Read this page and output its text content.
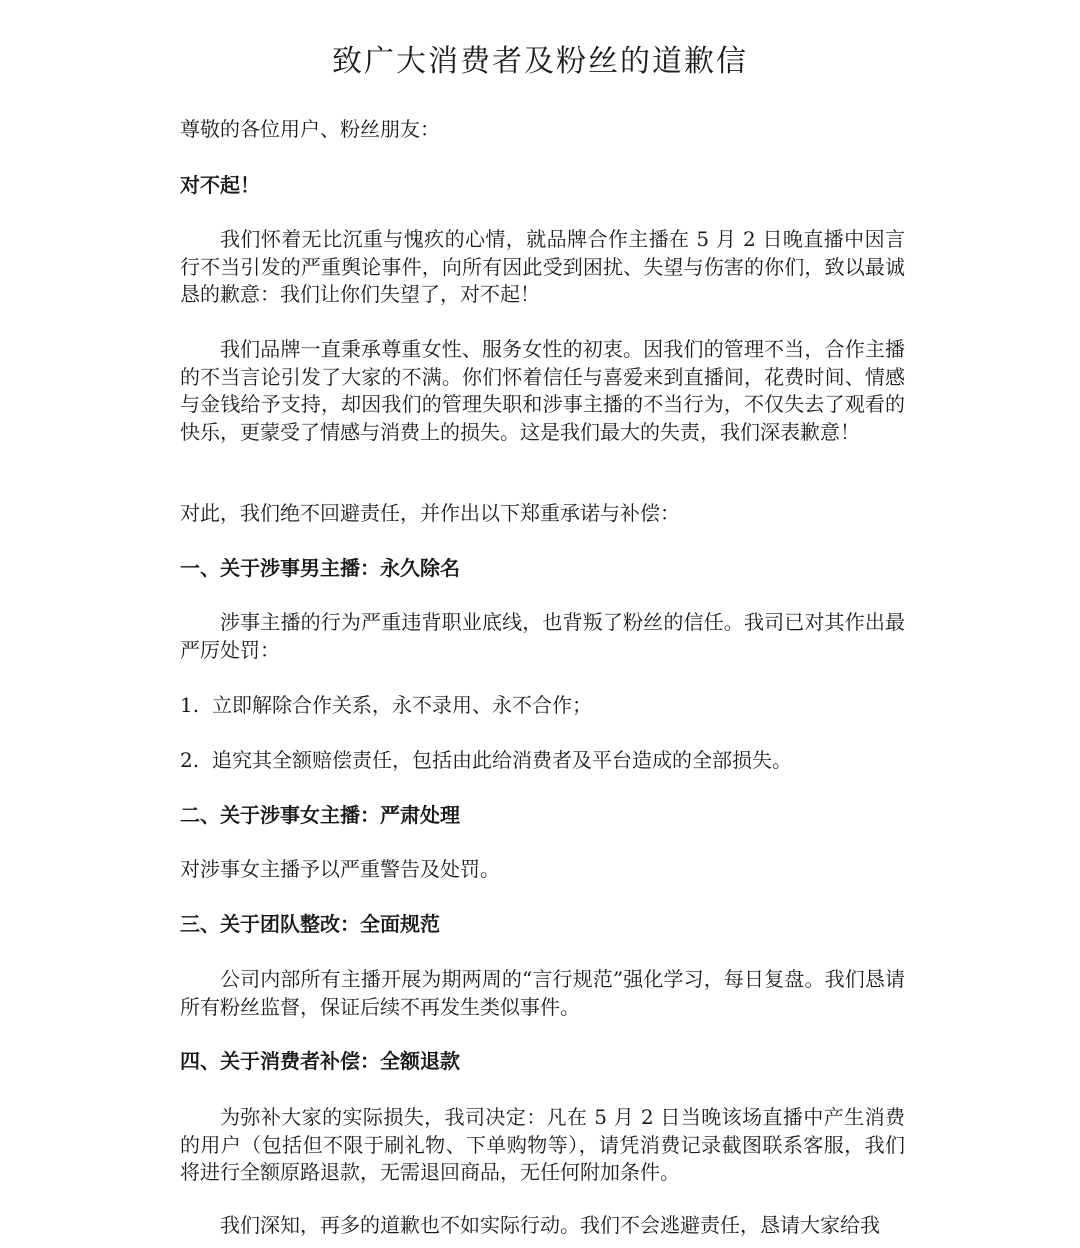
致广大消费者及粉丝的道歉信
尊敬的各位用户、粉丝朋友：
对不起！
我们怀着无比沉重与愧疚的心情，就品牌合作主播在 5 月 2 日晚直播中因言行不当引发的严重舆论事件，向所有因此受到困扰、失望与伤害的你们，致以最诚恳的歉意：我们让你们失望了，对不起！
我们品牌一直秉承尊重女性、服务女性的初衷。因我们的管理不当，合作主播的不当言论引发了大家的不满。你们怀着信任与喜爱来到直播间，花费时间、情感与金钱给予支持，却因我们的管理失职和涉事主播的不当行为，不仅失去了观看的快乐，更蒙受了情感与消费上的损失。这是我们最大的失责，我们深表歉意！
对此，我们绝不回避责任，并作出以下郑重承诺与补偿：
一、关于涉事男主播：永久除名
涉事主播的行为严重违背职业底线，也背叛了粉丝的信任。我司已对其作出最严厉处罚：
1. 立即解除合作关系，永不录用、永不合作；
2. 追究其全额赔偿责任，包括由此给消费者及平台造成的全部损失。
二、关于涉事女主播：严肃处理
对涉事女主播予以严重警告及处罚。
三、关于团队整改：全面规范
公司内部所有主播开展为期两周的“言行规范”强化学习，每日复盘。我们恳请所有粉丝监督，保证后续不再发生类似事件。
四、关于消费者补偿：全额退款
为弥补大家的实际损失，我司决定：凡在 5 月 2 日当晚该场直播中产生消费的用户（包括但不限于刷礼物、下单购物等），请凭消费记录截图联系客服，我们将进行全额原路退款，无需退回商品，无任何附加条件。
我们深知，再多的道歉也不如实际行动。我们不会逃避责任，恳请大家给我
